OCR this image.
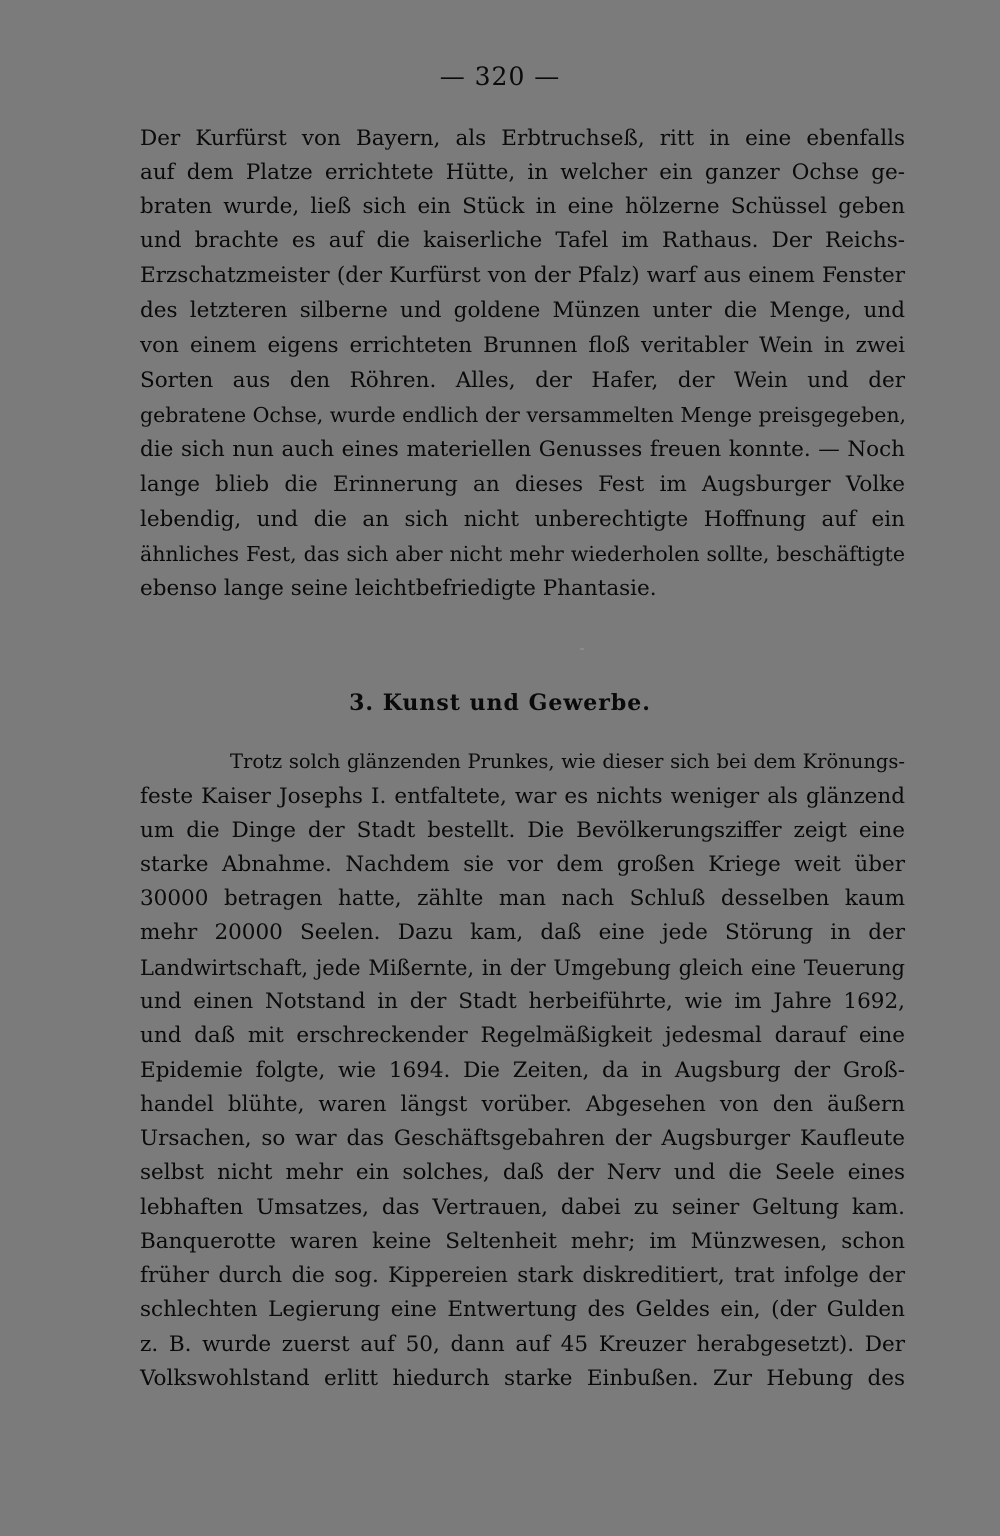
— 320 —
Der Kurfürst von Bayern, als Erbtruchseß, ritt in eine ebenfalls
auf dem Platze errichtete Hütte, in welcher ein ganzer Ochse ge-
braten wurde, ließ sich ein Stück in eine hölzerne Schüssel geben
und brachte es auf die kaiserliche Tafel im Rathaus. Der Reichs-
Erzschatzmeister (der Kurfürst von der Pfalz) warf aus einem Fenster
des letzteren silberne und goldene Münzen unter die Menge, und
von einem eigens errichteten Brunnen floß veritabler Wein in zwei
Sorten aus den Röhren. Alles, der Hafer, der Wein und der
gebratene Ochse, wurde endlich der versammelten Menge preisgegeben,
die sich nun auch eines materiellen Genusses freuen konnte. — Noch
lange blieb die Erinnerung an dieses Fest im Augsburger Volke
lebendig, und die an sich nicht unberechtigte Hoffnung auf ein
ähnliches Fest, das sich aber nicht mehr wiederholen sollte, beschäftigte
ebenso lange seine leichtbefriedigte Phantasie.
3. Kunst und Gewerbe.
Trotz solch glänzenden Prunkes, wie dieser sich bei dem Krönungs-
feste Kaiser Josephs I. entfaltete, war es nichts weniger als glänzend
um die Dinge der Stadt bestellt. Die Bevölkerungsziffer zeigt eine
starke Abnahme. Nachdem sie vor dem großen Kriege weit über
30000 betragen hatte, zählte man nach Schluß desselben kaum
mehr 20000 Seelen. Dazu kam, daß eine jede Störung in der
Landwirtschaft, jede Mißernte, in der Umgebung gleich eine Teuerung
und einen Notstand in der Stadt herbeiführte, wie im Jahre 1692,
und daß mit erschreckender Regelmäßigkeit jedesmal darauf eine
Epidemie folgte, wie 1694. Die Zeiten, da in Augsburg der Groß-
handel blühte, waren längst vorüber. Abgesehen von den äußern
Ursachen, so war das Geschäftsgebahren der Augsburger Kaufleute
selbst nicht mehr ein solches, daß der Nerv und die Seele eines
lebhaften Umsatzes, das Vertrauen, dabei zu seiner Geltung kam.
Banquerotte waren keine Seltenheit mehr; im Münzwesen, schon
früher durch die sog. Kippereien stark diskreditiert, trat infolge der
schlechten Legierung eine Entwertung des Geldes ein, (der Gulden
z. B. wurde zuerst auf 50, dann auf 45 Kreuzer herabgesetzt). Der
Volkswohlstand erlitt hiedurch starke Einbußen. Zur Hebung des
